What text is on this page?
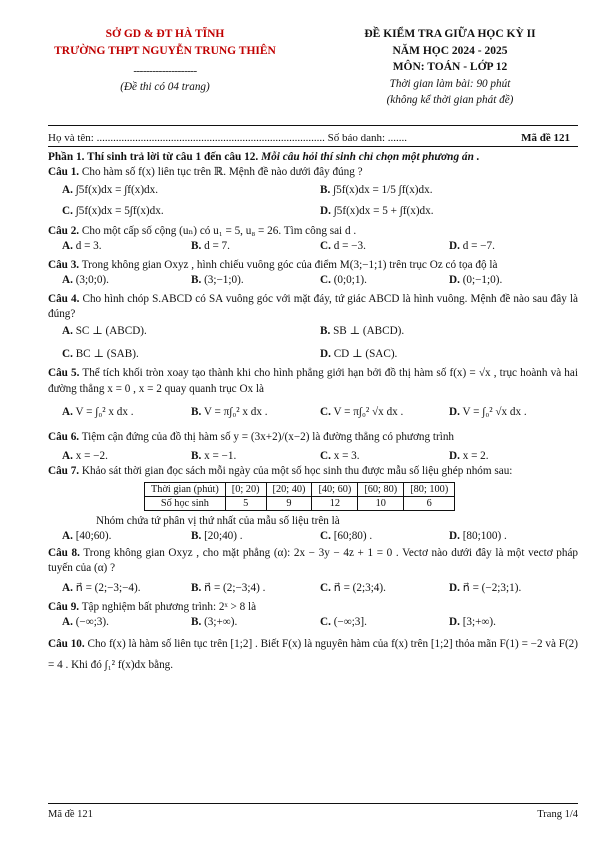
SỞ GD & ĐT HÀ TĨNH
TRƯỜNG THPT NGUYỄN TRUNG THIÊN
--------------------
(Đề thi có 04 trang)
ĐỀ KIỂM TRA GIỮA HỌC KỲ II
NĂM HỌC 2024 - 2025
MÔN: TOÁN - LỚP 12
Thời gian làm bài: 90 phút
(không kể thời gian phát đề)
Họ và tên: ................................................................................... Số báo danh: .......	Mã đề 121
Phần 1. Thí sinh trả lời từ câu 1 đến câu 12. Mỗi câu hỏi thí sinh chỉ chọn một phương án .
Câu 1. Cho hàm số f(x) liên tục trên ℝ. Mệnh đề nào dưới đây đúng ?
A. ∫5f(x)dx = ∫f(x)dx.	B. ∫5f(x)dx = 1/5 ∫f(x)dx.
C. ∫5f(x)dx = 5∫f(x)dx.	D. ∫5f(x)dx = 5 + ∫f(x)dx.
Câu 2. Cho một cấp số cộng (uₙ) có u₁ = 5, u₈ = 26. Tìm công sai d .
A. d = 3.	B. d = 7.	C. d = −3.	D. d = −7.
Câu 3. Trong không gian Oxyz , hình chiếu vuông góc của điểm M(3;−1;1) trên trục Oz có tọa độ là
A. (3;0;0).	B. (3;−1;0).	C. (0;0;1).	D. (0;−1;0).
Câu 4. Cho hình chóp S.ABCD có SA vuông góc với mặt đáy, tứ giác ABCD là hình vuông. Mệnh đề nào sau đây là đúng?
A. SC ⊥ (ABCD).	B. SB ⊥ (ABCD).
C. BC ⊥ (SAB).	D. CD ⊥ (SAC).
Câu 5. Thể tích khối tròn xoay tạo thành khi cho hình phẳng giới hạn bởi đồ thị hàm số f(x) = √x , trục hoành và hai đường thẳng x = 0 , x = 2 quay quanh trục Ox là
A. V = ∫₀² x dx .	B. V = π∫₀² x dx .	C. V = π∫₀² √x dx .	D. V = ∫₀² √x dx .
Câu 6. Tiệm cận đứng của đồ thị hàm số y = (3x+2)/(x−2) là đường thẳng có phương trình
A. x = −2.	B. x = −1.	C. x = 3.	D. x = 2.
Câu 7. Khảo sát thời gian đọc sách mỗi ngày của một số học sinh thu được mẫu số liệu ghép nhóm sau:
Thời gian (phút)	[0; 20)	[20; 40)	[40; 60)	[60; 80)	[80; 100)
Số học sinh	5	9	12	10	6
Nhóm chứa tứ phân vị thứ nhất của mẫu số liệu trên là
A. [40;60).	B. [20;40) .	C. [60;80) .	D. [80;100) .
Câu 8. Trong không gian Oxyz , cho mặt phẳng (α): 2x − 3y − 4z + 1 = 0 . Vectơ nào dưới đây là một vectơ pháp tuyến của (α) ?
A. n⃗ = (2;−3;−4).	B. n⃗ = (2;−3;4) .	C. n⃗ = (2;3;4).	D. n⃗ = (−2;3;1).
Câu 9. Tập nghiệm bất phương trình: 2ˣ > 8 là
A. (−∞;3).	B. (3;+∞).	C. (−∞;3].	D. [3;+∞).
Câu 10. Cho f(x) là hàm số liên tục trên [1;2] . Biết F(x) là nguyên hàm của f(x) trên [1;2] thỏa mãn F(1) = −2 và F(2) = 4 . Khi đó ∫₁² f(x)dx bằng.
Mã đề 121	Trang 1/4
